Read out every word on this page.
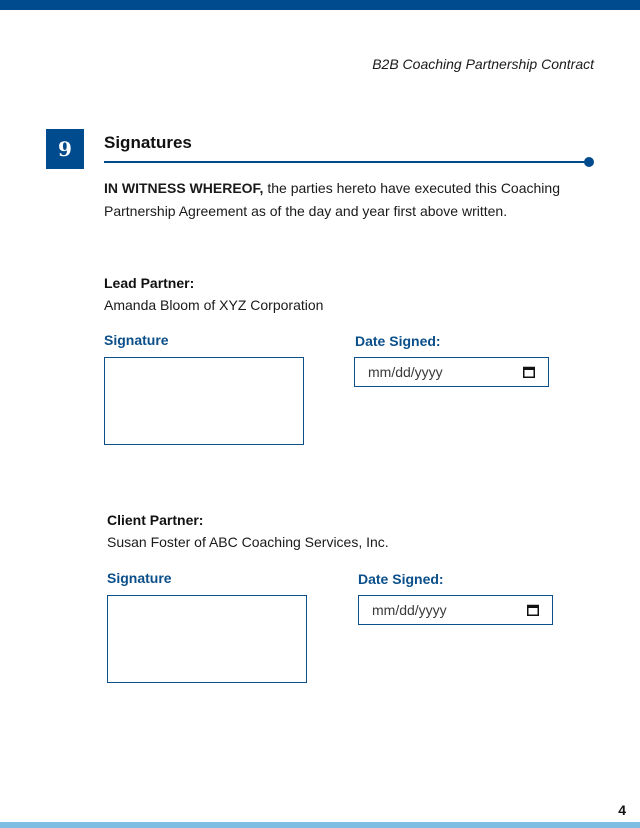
B2B Coaching Partnership Contract
9	Signatures
IN WITNESS WHEREOF, the parties hereto have executed this Coaching Partnership Agreement as of the day and year first above written.
Lead Partner:
Amanda Bloom of XYZ Corporation
Signature	Date Signed:
mm/dd/yyyy
Client Partner:
Susan Foster of ABC Coaching Services, Inc.
Signature	Date Signed:
mm/dd/yyyy
4
